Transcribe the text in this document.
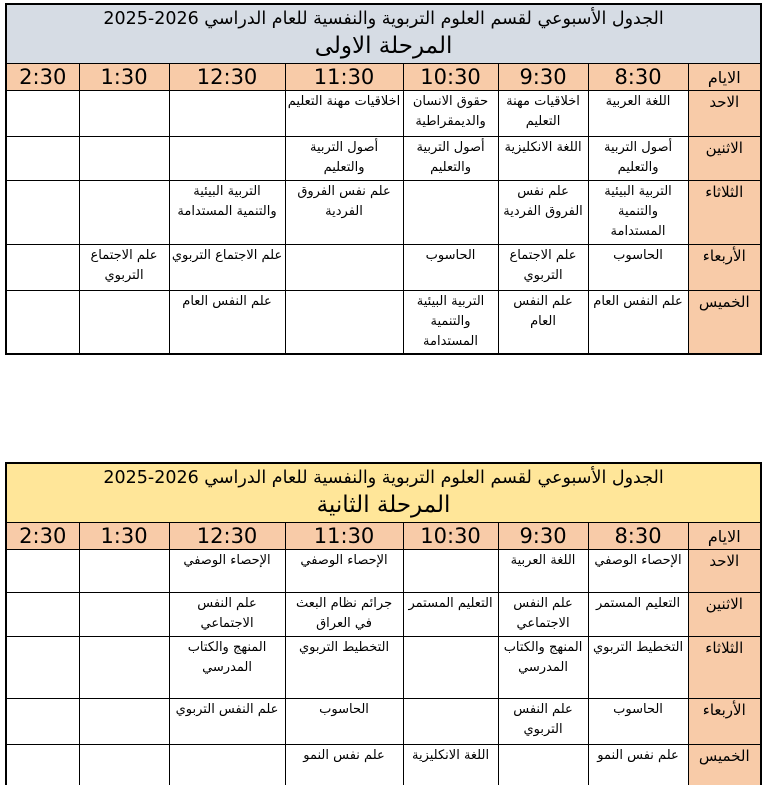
الجدول الأسبوعي لقسم العلوم التربوية والنفسية للعام الدراسي 2026-2025
المرحلة الاولى							

الايام	8:30	9:30	10:30	11:30	12:30	1:30	2:30
الاحد	اللغة العربية	اخلاقيات مهنة التعليم	حقوق الانسان والديمقراطية	اخلاقيات مهنة التعليم			
الاثنين	أصول التربية والتعليم	اللغة الانكليزية	أصول التربية والتعليم	أصول التربية والتعليم			
الثلاثاء	التربية البيئية والتنمية المستدامة	علم نفس الفروق الفردية		علم نفس الفروق الفردية	التربية البيئية والتنمية المستدامة		
الأربعاء	الحاسوب	علم الاجتماع التربوي	الحاسوب		علم الاجتماع التربوي	علم الاجتماع التربوي	
الخميس	علم النفس العام	علم النفس العام	التربية البيئية والتنمية المستدامة		علم النفس العام		
الجدول الأسبوعي لقسم العلوم التربوية والنفسية للعام الدراسي 2026-2025
المرحلة الثانية							

الايام	8:30	9:30	10:30	11:30	12:30	1:30	2:30
الاحد	الإحصاء الوصفي	اللغة العربية		الإحصاء الوصفي	الإحصاء الوصفي		
الاثنين	التعليم المستمر	علم النفس الاجتماعي	التعليم المستمر	جرائم نظام البعث في العراق	علم النفس الاجتماعي		
الثلاثاء	التخطيط التربوي	المنهج والكتاب المدرسي		التخطيط التربوي	المنهج والكتاب المدرسي		
الأربعاء	الحاسوب	علم النفس التربوي		الحاسوب	علم النفس التربوي		
الخميس	علم نفس النمو		اللغة الانكليزية	علم نفس النمو			
